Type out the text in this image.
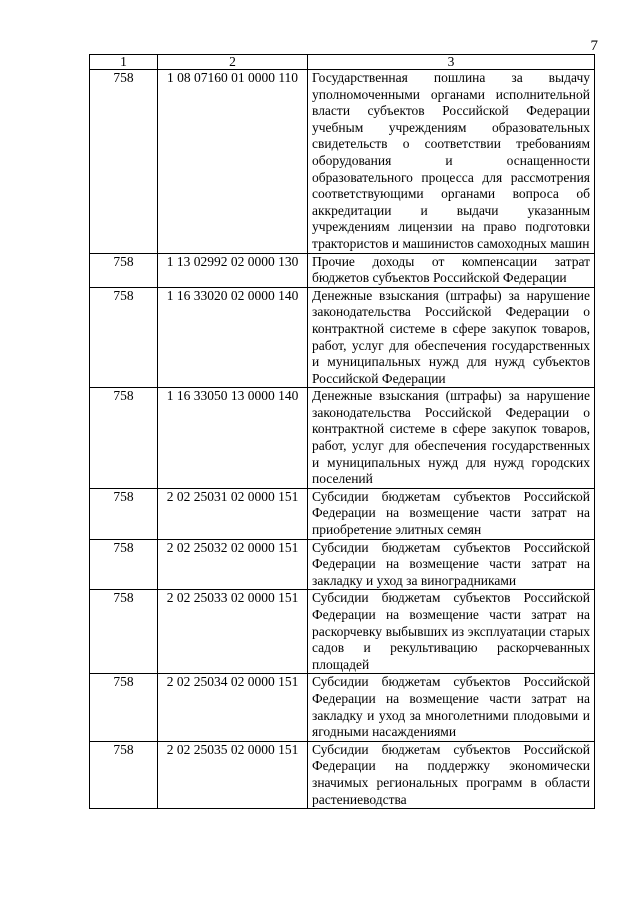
7
1	2	3
758	1 08 07160 01 0000 110	Государственная пошлина за выдачу уполномоченными органами исполнительной власти субъектов Российской Федерации учебным учреждениям образовательных свидетельств о соответствии требованиям оборудования и оснащенности образовательного процесса для рассмотрения соответствующими органами вопроса об аккредитации и выдачи указанным учреждениям лицензии на право подготовки трактористов и машинистов самоходных машин
758	1 13 02992 02 0000 130	Прочие доходы от компенсации затрат бюджетов субъектов Российской Федерации
758	1 16 33020 02 0000 140	Денежные взыскания (штрафы) за нарушение законодательства Российской Федерации о контрактной системе в сфере закупок товаров, работ, услуг для обеспечения государственных и муниципальных нужд для нужд субъектов Российской Федерации
758	1 16 33050 13 0000 140	Денежные взыскания (штрафы) за нарушение законодательства Российской Федерации о контрактной системе в сфере закупок товаров, работ, услуг для обеспечения государственных и муниципальных нужд для нужд городских поселений
758	2 02 25031 02 0000 151	Субсидии бюджетам субъектов Российской Федерации на возмещение части затрат на приобретение элитных семян
758	2 02 25032 02 0000 151	Субсидии бюджетам субъектов Российской Федерации на возмещение части затрат на закладку и уход за виноградниками
758	2 02 25033 02 0000 151	Субсидии бюджетам субъектов Российской Федерации на возмещение части затрат на раскорчевку выбывших из эксплуатации старых садов и рекультивацию раскорчеванных площадей
758	2 02 25034 02 0000 151	Субсидии бюджетам субъектов Российской Федерации на возмещение части затрат на закладку и уход за многолетними плодовыми и ягодными насаждениями
758	2 02 25035 02 0000 151	Субсидии бюджетам субъектов Российской Федерации на поддержку экономически значимых региональных программ в области растениеводства
